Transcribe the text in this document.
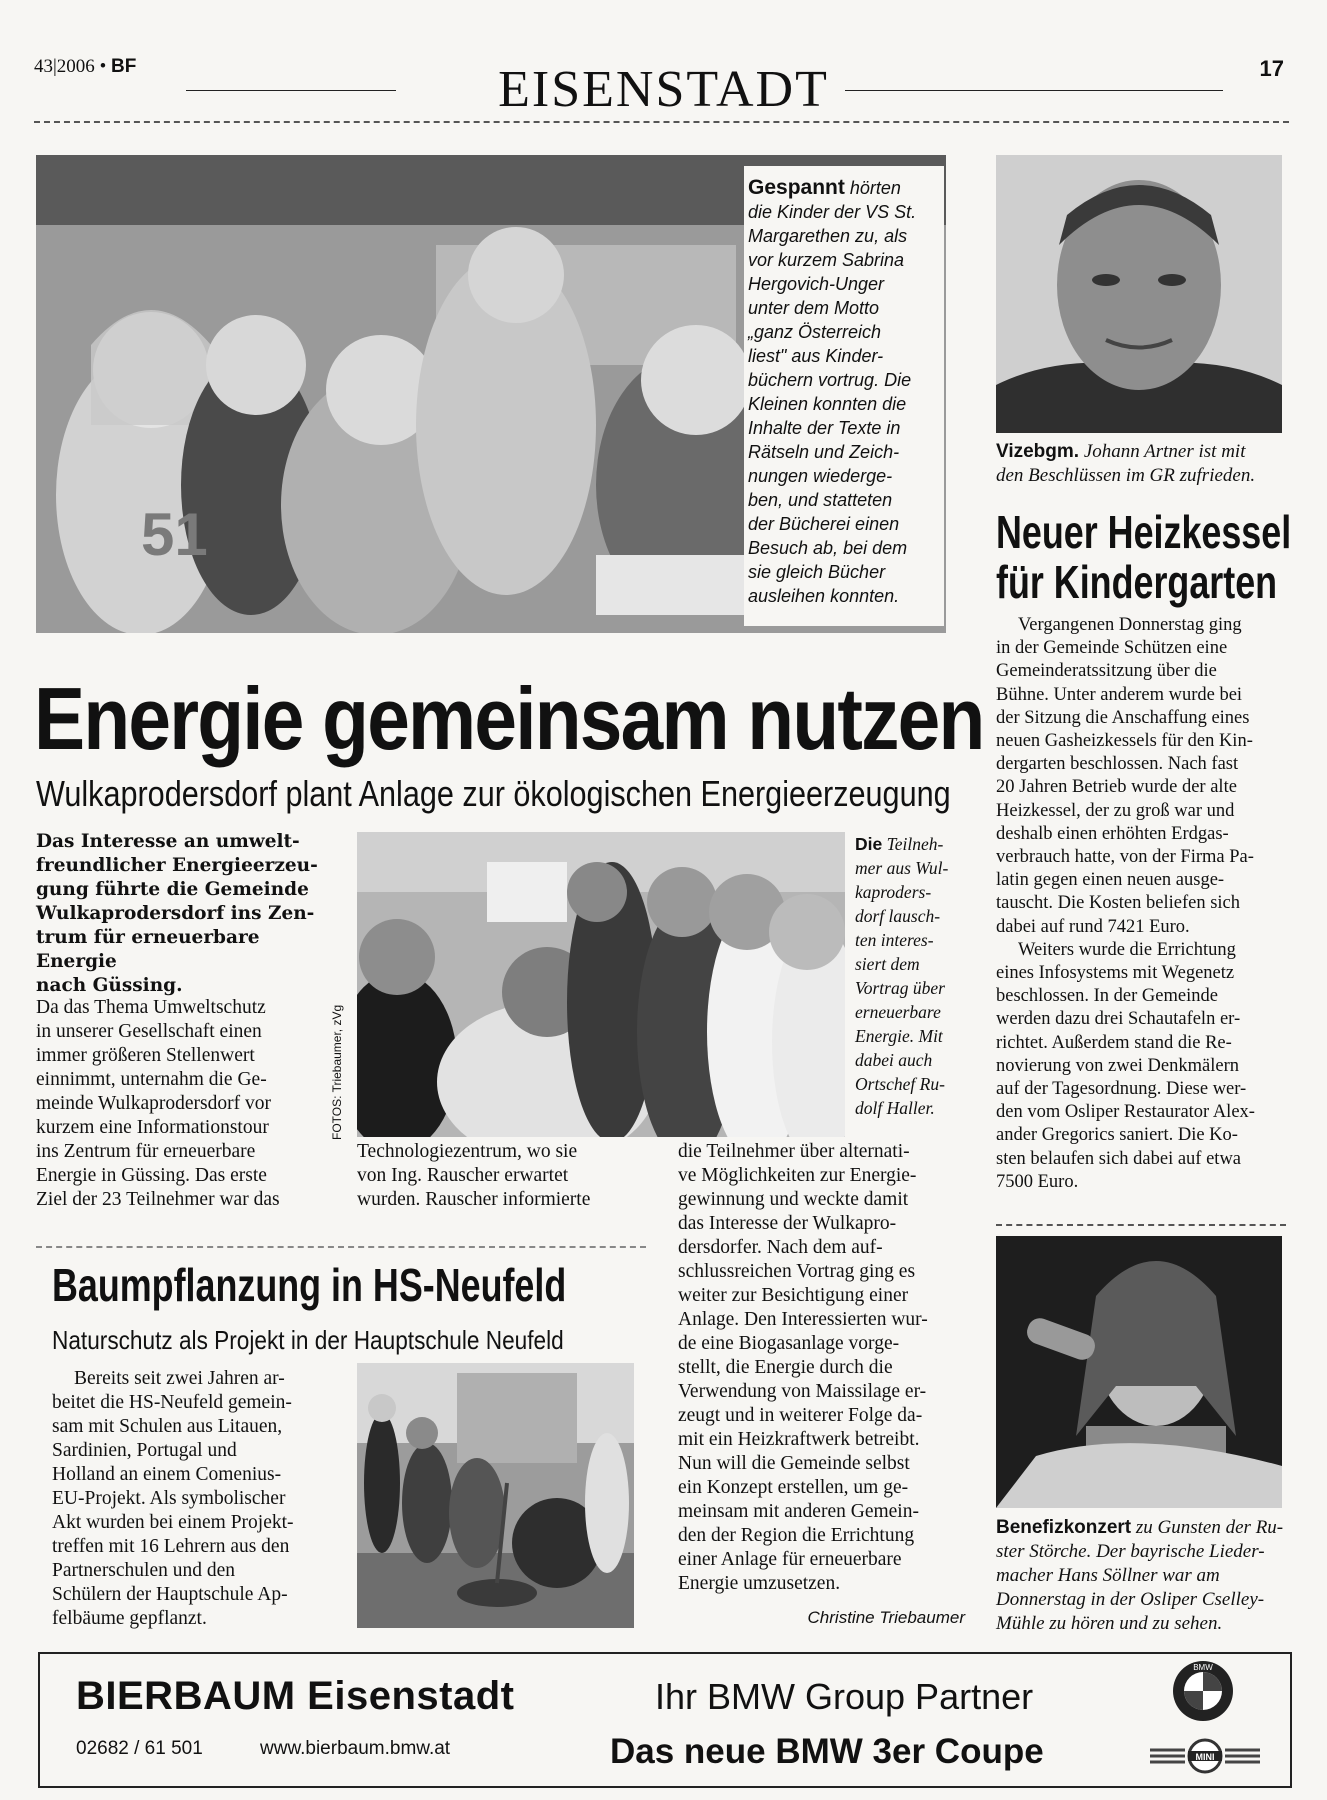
43|2006 • BF	EISENSTADT	17
51
Gespannt hörten
die Kinder der VS St.
Margarethen zu, als
vor kurzem Sabrina
Hergovich-Unger
unter dem Motto
„ganz Österreich
liest" aus Kinder-
büchern vortrug. Die
Kleinen konnten die
Inhalte der Texte in
Rätseln und Zeich-
nungen wiederge-
ben, und statteten
der Bücherei einen
Besuch ab, bei dem
sie gleich Bücher
ausleihen konnten.
Vizebgm. Johann Artner ist mit
den Beschlüssen im GR zufrieden.
Neuer Heizkessel
für Kindergarten
Vergangenen Donnerstag ging
in der Gemeinde Schützen eine
Gemeinderatssitzung über die
Bühne. Unter anderem wurde bei
der Sitzung die Anschaffung eines
neuen Gasheizkessels für den Kin-
dergarten beschlossen. Nach fast
20 Jahren Betrieb wurde der alte
Heizkessel, der zu groß war und
deshalb einen erhöhten Erdgas-
verbrauch hatte, von der Firma Pa-
latin gegen einen neuen ausge-
tauscht. Die Kosten beliefen sich
dabei auf rund 7421 Euro.
Weiters wurde die Errichtung
eines Infosystems mit Wegenetz
beschlossen. In der Gemeinde
werden dazu drei Schautafeln er-
richtet. Außerdem stand die Re-
novierung von zwei Denkmälern
auf der Tagesordnung. Diese wer-
den vom Osliper Restaurator Alex-
ander Gregorics saniert. Die Ko-
sten belaufen sich dabei auf etwa
7500 Euro.
Benefizkonzert zu Gunsten der Ru-
ster Störche. Der bayrische Lieder-
macher Hans Söllner war am
Donnerstag in der Osliper Cselley-
Mühle zu hören und zu sehen.
Energie gemeinsam nutzen
Wulkaprodersdorf plant Anlage zur ökologischen Energieerzeugung
Das Interesse an umwelt-
freundlicher Energieerzeu-
gung führte die Gemeinde
Wulkaprodersdorf ins Zen-
trum für erneuerbare Energie
nach Güssing.
Da das Thema Umweltschutz
in unserer Gesellschaft einen
immer größeren Stellenwert
einnimmt, unternahm die Ge-
meinde Wulkaprodersdorf vor
kurzem eine Informationstour
ins Zentrum für erneuerbare
Energie in Güssing. Das erste
Ziel der 23 Teilnehmer war das
FOTOS: Triebaumer, zVg
Die Teilneh-
mer aus Wul-
kaproders-
dorf lausch-
ten interes-
siert dem
Vortrag über
erneuerbare
Energie. Mit
dabei auch
Ortschef Ru-
dolf Haller.
Technologiezentrum, wo sie
von Ing. Rauscher erwartet
wurden. Rauscher informierte
die Teilnehmer über alternati-
ve Möglichkeiten zur Energie-
gewinnung und weckte damit
das Interesse der Wulkapro-
dersdorfer. Nach dem auf-
schlussreichen Vortrag ging es
weiter zur Besichtigung einer
Anlage. Den Interessierten wur-
de eine Biogasanlage vorge-
stellt, die Energie durch die
Verwendung von Maissilage er-
zeugt und in weiterer Folge da-
mit ein Heizkraftwerk betreibt.
Nun will die Gemeinde selbst
ein Konzept erstellen, um ge-
meinsam mit anderen Gemein-
den der Region die Errichtung
einer Anlage für erneuerbare
Energie umzusetzen.
Christine Triebaumer
Baumpflanzung in HS-Neufeld
Naturschutz als Projekt in der Hauptschule Neufeld
Bereits seit zwei Jahren ar-
beitet die HS-Neufeld gemein-
sam mit Schulen aus Litauen,
Sardinien, Portugal und
Holland an einem Comenius-
EU-Projekt. Als symbolischer
Akt wurden bei einem Projekt-
treffen mit 16 Lehrern aus den
Partnerschulen und den
Schülern der Hauptschule Ap-
felbäume gepflanzt.
BIERBAUM Eisenstadt
02682 / 61 501	www.bierbaum.bmw.at
Ihr BMW Group Partner
Das neue BMW 3er Coupe
BMW
MINI
